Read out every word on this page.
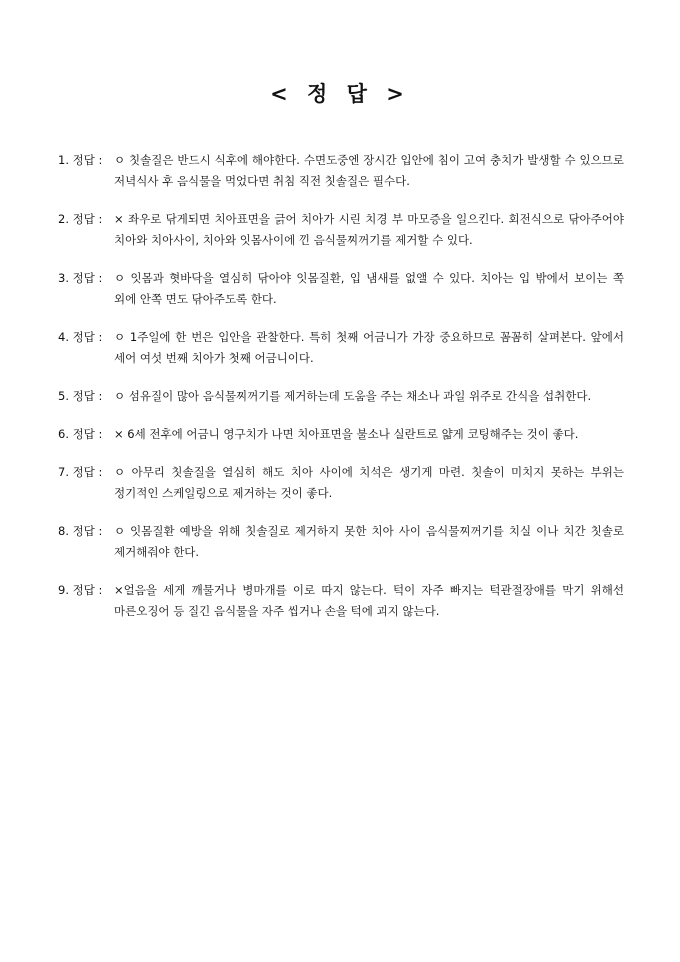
< 정 답 >
1. 정답 :	ㅇ 칫솔질은 반드시 식후에 해야한다. 수면도중엔 장시간 입안에 침이 고여 충치가 발생할 수 있으므로 저녁식사 후 음식물을 먹었다면 취침 직전 칫솔질은 필수다.
2. 정답 :	× 좌우로 닦게되면 치아표면을 긁어 치아가 시린 치경 부 마모증을 일으킨다. 회전식으로 닦아주어야 치아와 치아사이, 치아와 잇몸사이에 낀 음식물찌꺼기를 제거할 수 있다.
3. 정답 :	ㅇ 잇몸과 혓바닥을 열심히 닦아야 잇몸질환, 입 냄새를 없앨 수 있다. 치아는 입 밖에서 보이는 쪽 외에 안쪽 면도 닦아주도록 한다.
4. 정답 :	ㅇ 1주일에 한 번은 입안을 관찰한다. 특히 첫째 어금니가 가장 중요하므로 꼼꼼히 살펴본다. 앞에서 세어 여섯 번째 치아가 첫째 어금니이다.
5. 정답 :	ㅇ 섬유질이 많아 음식물찌꺼기를 제거하는데 도움을 주는 채소나 과일 위주로 간식을 섭취한다.
6. 정답 :	× 6세 전후에 어금니 영구치가 나면 치아표면을 불소나 실란트로 얇게 코팅해주는 것이 좋다.
7. 정답 :	ㅇ 아무리 칫솔질을 열심히 해도 치아 사이에 치석은 생기게 마련. 칫솔이 미치지 못하는 부위는 정기적인 스케일링으로 제거하는 것이 좋다.
8. 정답 :	ㅇ 잇몸질환 예방을 위해 칫솔질로 제거하지 못한 치아 사이 음식물찌꺼기를 치실 이나 치간 칫솔로 제거해줘야 한다.
9. 정답 :	×얼음을 세게 깨물거나 병마개를 이로 따지 않는다. 턱이 자주 빠지는 턱관절장애를 막기 위해선 마른오징어 등 질긴 음식물을 자주 씹거나 손을 턱에 괴지 않는다.
